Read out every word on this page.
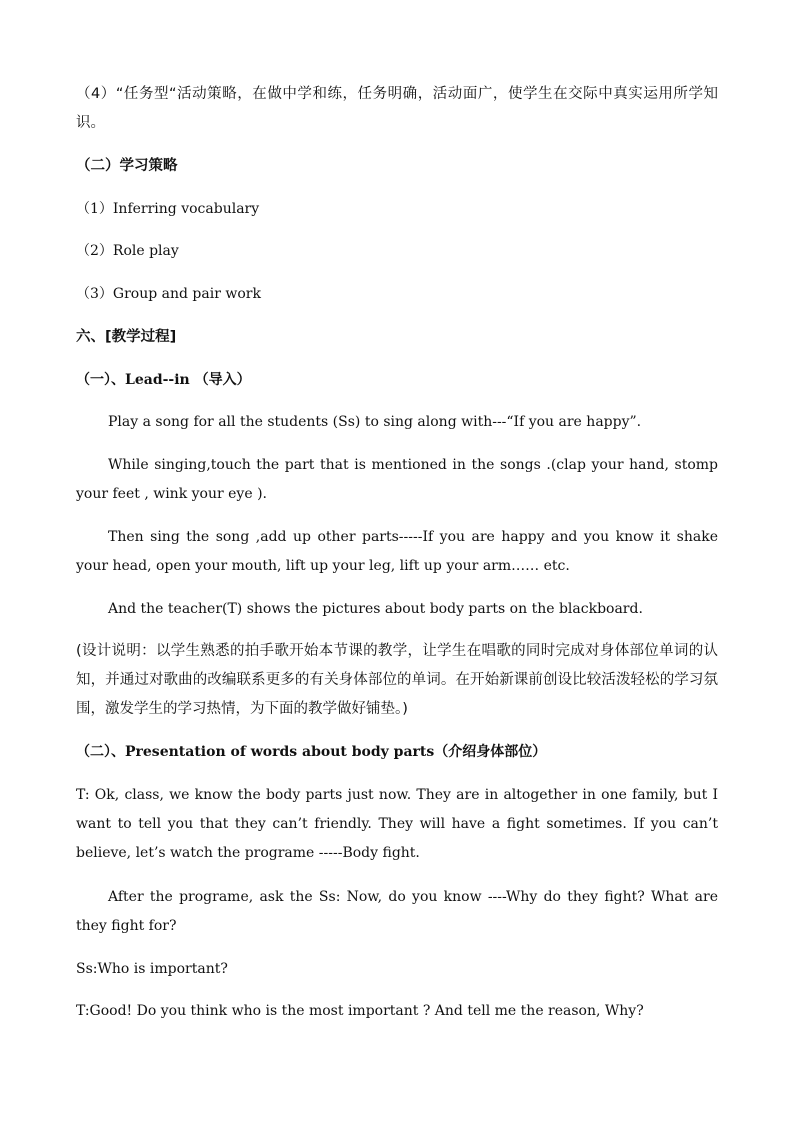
（4）“任务型“活动策略，在做中学和练，任务明确，活动面广，使学生在交际中真实运用所学知识。

（二）学习策略

（1）Inferring vocabulary

（2）Role play

（3）Group and pair work

六、[教学过程]

（一）、Lead--in （导入）

Play a song for all the students (Ss) to sing along with---“If you are happy”.

While singing,touch the part that is mentioned in the songs .(clap your hand, stomp your feet , wink your eye ).

Then sing the song ,add up other parts-----If you are happy and you know it shake your head, open your mouth, lift up your leg, lift up your arm…… etc.

And the teacher(T) shows the pictures about body parts on the blackboard.

(设计说明：以学生熟悉的拍手歌开始本节课的教学，让学生在唱歌的同时完成对身体部位单词的认知，并通过对歌曲的改编联系更多的有关身体部位的单词。在开始新课前创设比较活泼轻松的学习氛围，激发学生的学习热情，为下面的教学做好铺垫。)

（二）、Presentation of words about body parts（介绍身体部位）

T: Ok, class, we know the body parts just now. They are in altogether in one family, but I want to tell you that they can’t friendly. They will have a fight sometimes. If you can’t believe, let’s watch the programe -----Body fight.

After the programe, ask the Ss: Now, do you know ----Why do they fight? What are they fight for?

Ss:Who is important?

T:Good! Do you think who is the most important ? And tell me the reason, Why?
